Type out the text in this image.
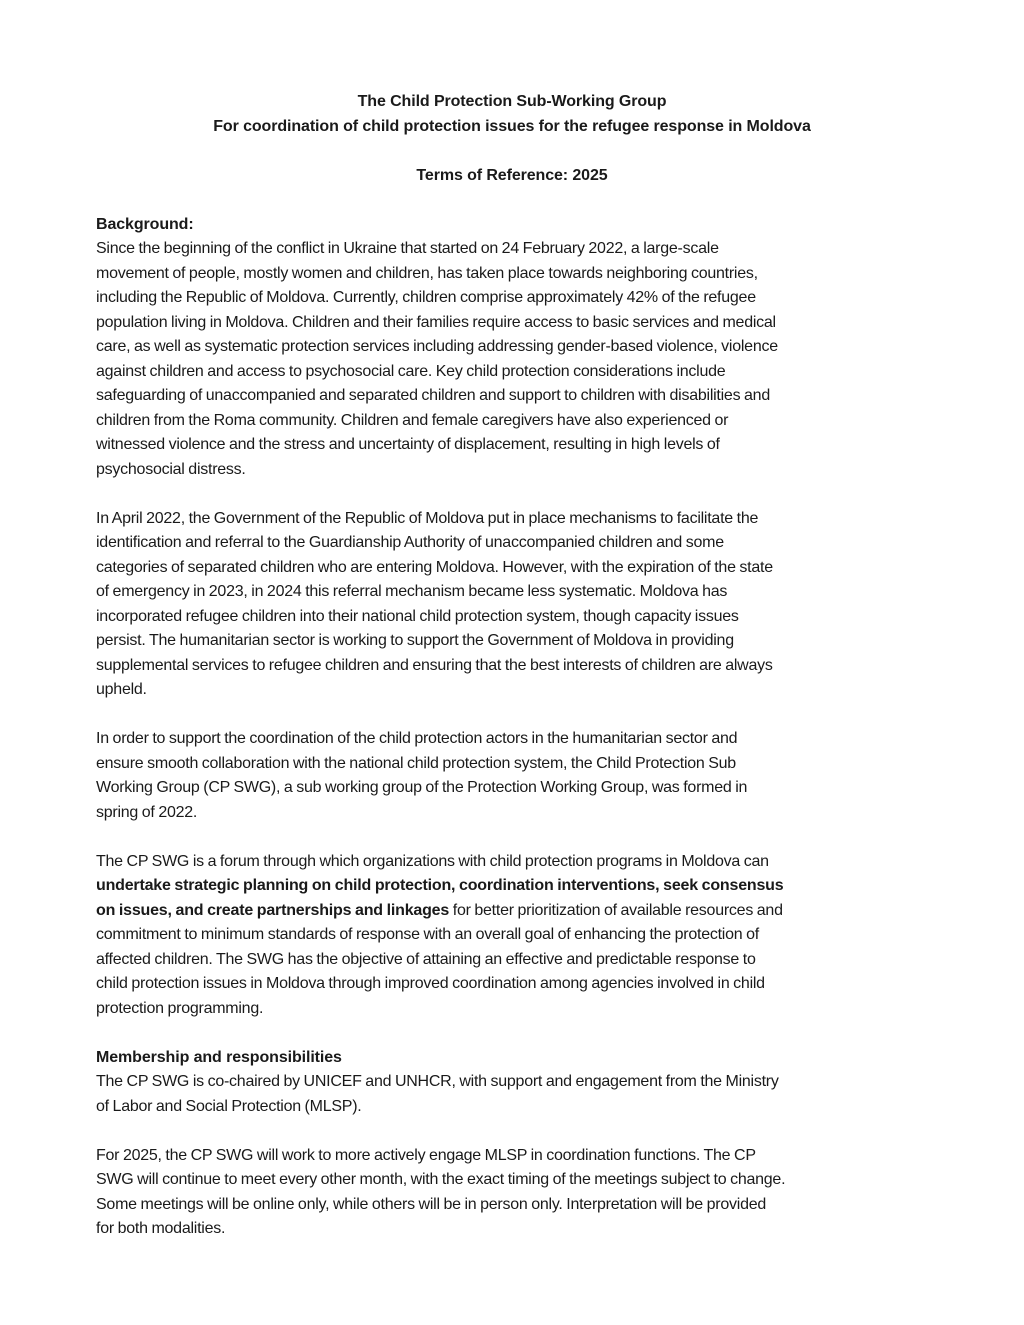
The Child Protection Sub-Working Group
For coordination of child protection issues for the refugee response in Moldova
Terms of Reference: 2025
Background:
Since the beginning of the conflict in Ukraine that started on 24 February 2022, a large-scale
movement of people, mostly women and children, has taken place towards neighboring countries,
including the Republic of Moldova. Currently, children comprise approximately 42% of the refugee
population living in Moldova. Children and their families require access to basic services and medical
care, as well as systematic protection services including addressing gender-based violence, violence
against children and access to psychosocial care. Key child protection considerations include
safeguarding of unaccompanied and separated children and support to children with disabilities and
children from the Roma community. Children and female caregivers have also experienced or
witnessed violence and the stress and uncertainty of displacement, resulting in high levels of
psychosocial distress.
In April 2022, the Government of the Republic of Moldova put in place mechanisms to facilitate the
identification and referral to the Guardianship Authority of unaccompanied children and some
categories of separated children who are entering Moldova. However, with the expiration of the state
of emergency in 2023, in 2024 this referral mechanism became less systematic. Moldova has
incorporated refugee children into their national child protection system, though capacity issues
persist. The humanitarian sector is working to support the Government of Moldova in providing
supplemental services to refugee children and ensuring that the best interests of children are always
upheld.
In order to support the coordination of the child protection actors in the humanitarian sector and
ensure smooth collaboration with the national child protection system, the Child Protection Sub
Working Group (CP SWG), a sub working group of the Protection Working Group, was formed in
spring of 2022.
The CP SWG is a forum through which organizations with child protection programs in Moldova can
undertake strategic planning on child protection, coordination interventions, seek consensus
on issues, and create partnerships and linkages for better prioritization of available resources and
commitment to minimum standards of response with an overall goal of enhancing the protection of
affected children. The SWG has the objective of attaining an effective and predictable response to
child protection issues in Moldova through improved coordination among agencies involved in child
protection programming.
Membership and responsibilities
The CP SWG is co-chaired by UNICEF and UNHCR, with support and engagement from the Ministry
of Labor and Social Protection (MLSP).
For 2025, the CP SWG will work to more actively engage MLSP in coordination functions. The CP
SWG will continue to meet every other month, with the exact timing of the meetings subject to change.
Some meetings will be online only, while others will be in person only. Interpretation will be provided
for both modalities.
